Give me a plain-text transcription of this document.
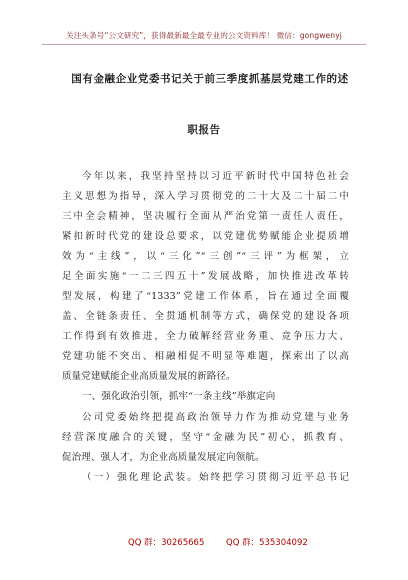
关注头条号“公文研究”，获得最新最全最专业的公文资料库！ 微信：gongwenyj
国有金融企业党委书记关于前三季度抓基层党建工作的述
职报告
今年以来，我坚持坚持以习近平新时代中国特色社会
主义思想为指导，深入学习贯彻党的二十大及二十届二中
三中全会精神，坚决履行全面从严治党第一责任人责任，
紧扣新时代党的建设总要求，以党建优势赋能企业提质增
效为“主线”，以“三化”“三创”“三评”为框架，立
足全面实施“一二三四五十”发展战略，加快推进改革转
型发展，构建了“1333”党建工作体系，旨在通过全面覆
盖、全链条责任、全贯通机制等方式，确保党的建设各项
工作得到有效推进，全力破解经营业务重、竞争压力大、
党建功能不突出、相融相促不明显等难题，探索出了以高
质量党建赋能企业高质量发展的新路径。
一、强化政治引领，抓牢“一条主线”举旗定向
公司党委始终把提高政治领导力作为推动党建与业务
经营深度融合的关键，坚守“金融为民”初心，抓教育、
促治理、强人才，为企业高质量发展定向领航。
（一）强化理论武装。始终把学习贯彻习近平总书记
QQ 群：30265665	QQ 群：535304092
